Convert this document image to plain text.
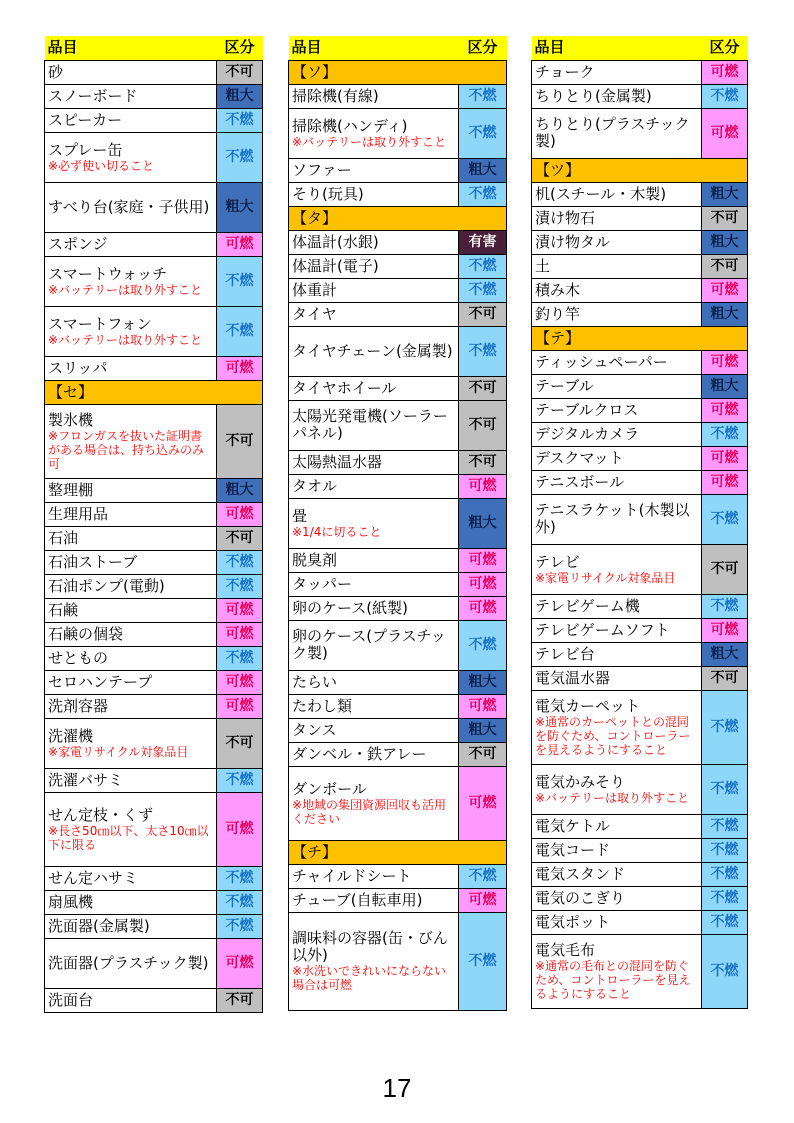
品目	区分

砂	不可

スノーボード	粗大

スピーカー	不燃

スプレー缶
※必ず使い切ること	不燃

すべり台(家庭・子供用)	粗大

スポンジ	可燃

スマートウォッチ
※バッテリーは取り外すこと	不燃

スマートフォン
※バッテリーは取り外すこと	不燃

スリッパ	可燃
【セ】	

製氷機
※フロンガスを抜いた証明書がある場合は、持ち込みのみ可	不可

整理棚	粗大

生理用品	可燃

石油	不可

石油ストーブ	不燃

石油ポンプ(電動)	不燃

石鹸	可燃

石鹸の個袋	可燃

せともの	不燃

セロハンテープ	可燃

洗剤容器	可燃

洗濯機
※家電リサイクル対象品目	不可

洗濯バサミ	不燃

せん定枝・くず
※長さ50㎝以下、太さ10㎝以下に限る	可燃

せん定ハサミ	不燃

扇風機	不燃

洗面器(金属製)	不燃

洗面器(プラスチック製)	可燃

洗面台	不可
品目	区分
【ソ】	

掃除機(有線)	不燃

掃除機(ハンディ)
※バッテリーは取り外すこと	不燃

ソファー	粗大

そり(玩具)	不燃
【タ】	

体温計(水銀)	有害

体温計(電子)	不燃

体重計	不燃

タイヤ	不可

タイヤチェーン(金属製)	不燃

タイヤホイール	不可

太陽光発電機(ソーラーパネル)	不可

太陽熱温水器	不可

タオル	可燃

畳
※1/4に切ること	粗大

脱臭剤	可燃

タッパー	可燃

卵のケース(紙製)	可燃

卵のケース(プラスチック製)	不燃

たらい	粗大

たわし類	可燃

タンス	粗大

ダンベル・鉄アレー	不可

ダンボール
※地域の集団資源回収も活用ください	可燃
【チ】	

チャイルドシート	不燃

チューブ(自転車用)	可燃

調味料の容器(缶・びん以外)
※水洗いできれいにならない場合は可燃	不燃
品目	区分

チョーク	可燃

ちりとり(金属製)	不燃

ちりとり(プラスチック製)	可燃
【ツ】	

机(スチール・木製)	粗大

漬け物石	不可

漬け物タル	粗大

土	不可

積み木	可燃

釣り竿	粗大
【テ】	

ティッシュペーパー	可燃

テーブル	粗大

テーブルクロス	可燃

デジタルカメラ	不燃

デスクマット	可燃

テニスボール	可燃

テニスラケット(木製以外)	不燃

テレビ
※家電リサイクル対象品目	不可

テレビゲーム機	不燃

テレビゲームソフト	可燃

テレビ台	粗大

電気温水器	不可

電気カーペット
※通常のカーペットとの混同を防ぐため、コントローラーを見えるようにすること	不燃

電気かみそり
※バッテリーは取り外すこと	不燃

電気ケトル	不燃

電気コード	不燃

電気スタンド	不燃

電気のこぎり	不燃

電気ポット	不燃

電気毛布
※通常の毛布との混同を防ぐため、コントローラーを見えるようにすること	不燃
17
